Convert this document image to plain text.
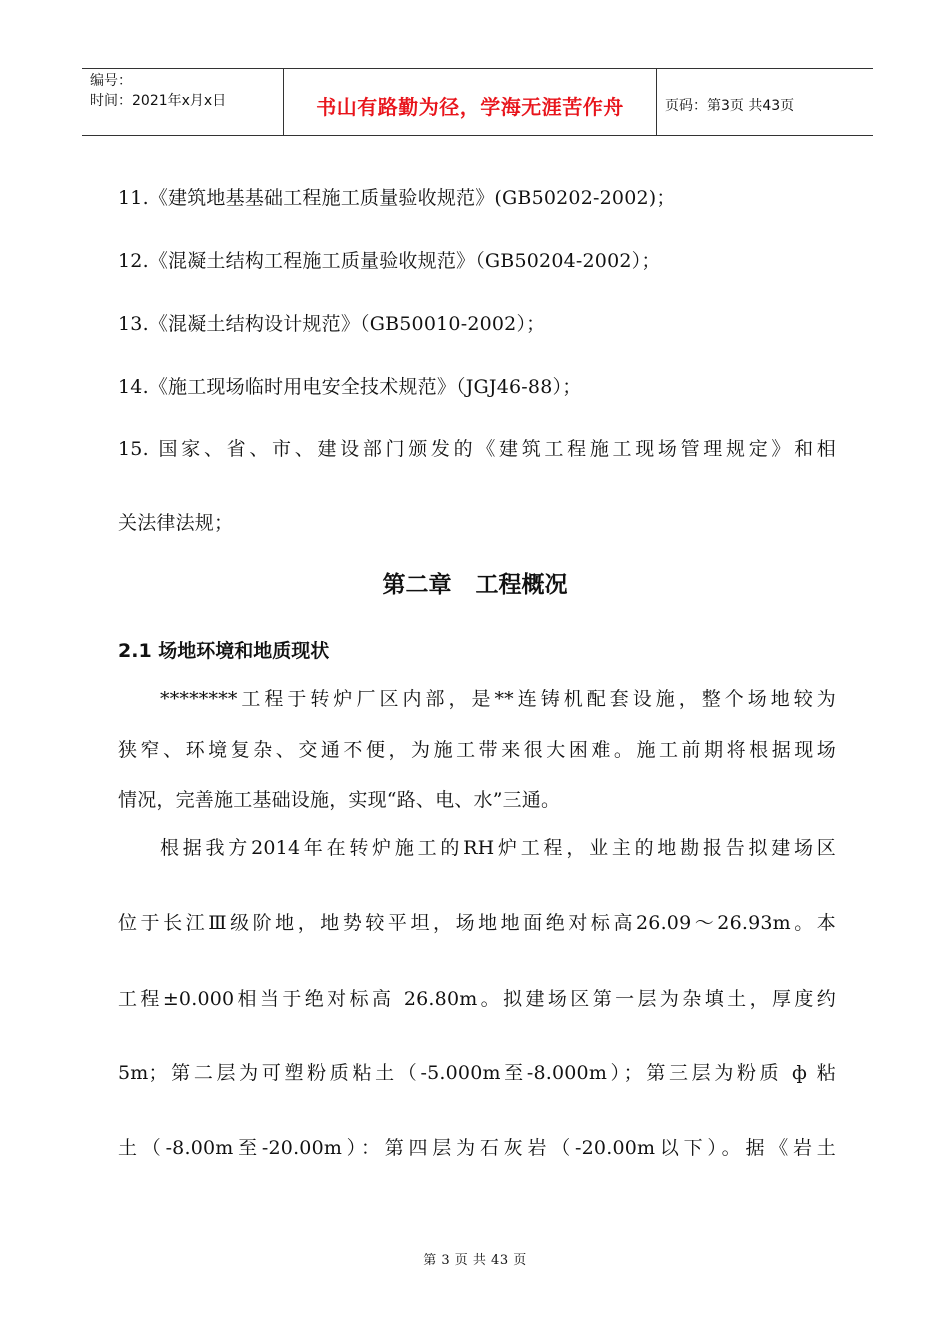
编号：
时间：2021年x月x日	书山有路勤为径，学海无涯苦作舟	页码：第3页 共43页
11.《建筑地基基础工程施工质量验收规范》(GB50202-2002)；
12.《混凝土结构工程施工质量验收规范》（GB50204-2002）；
13.《混凝土结构设计规范》（GB50010-2002）；
14.《施工现场临时用电安全技术规范》（JGJ46-88）；
15. 国家、省、市、建设部门颁发的《建筑工程施工现场管理规定》和相
关法律法规；
第二章   工程概况
2.1 场地环境和地质现状
********工程于转炉厂区内部，是**连铸机配套设施，整个场地较为
狭窄、环境复杂、交通不便，为施工带来很大困难。施工前期将根据现场
情况，完善施工基础设施，实现“路、电、水”三通。
根据我方2014年在转炉施工的RH炉工程，业主的地勘报告拟建场区
位于长江Ⅲ级阶地，地势较平坦，场地地面绝对标高26.09～26.93m。本
工程±0.000相当于绝对标高 26.80m。拟建场区第一层为杂填土，厚度约
5m；第二层为可塑粉质粘土（-5.000m至-8.000m）；第三层为粉质 ф 粘
土（-8.00m至-20.00m）：第四层为石灰岩（-20.00m以下）。据《岩土
第 3 页 共 43 页
